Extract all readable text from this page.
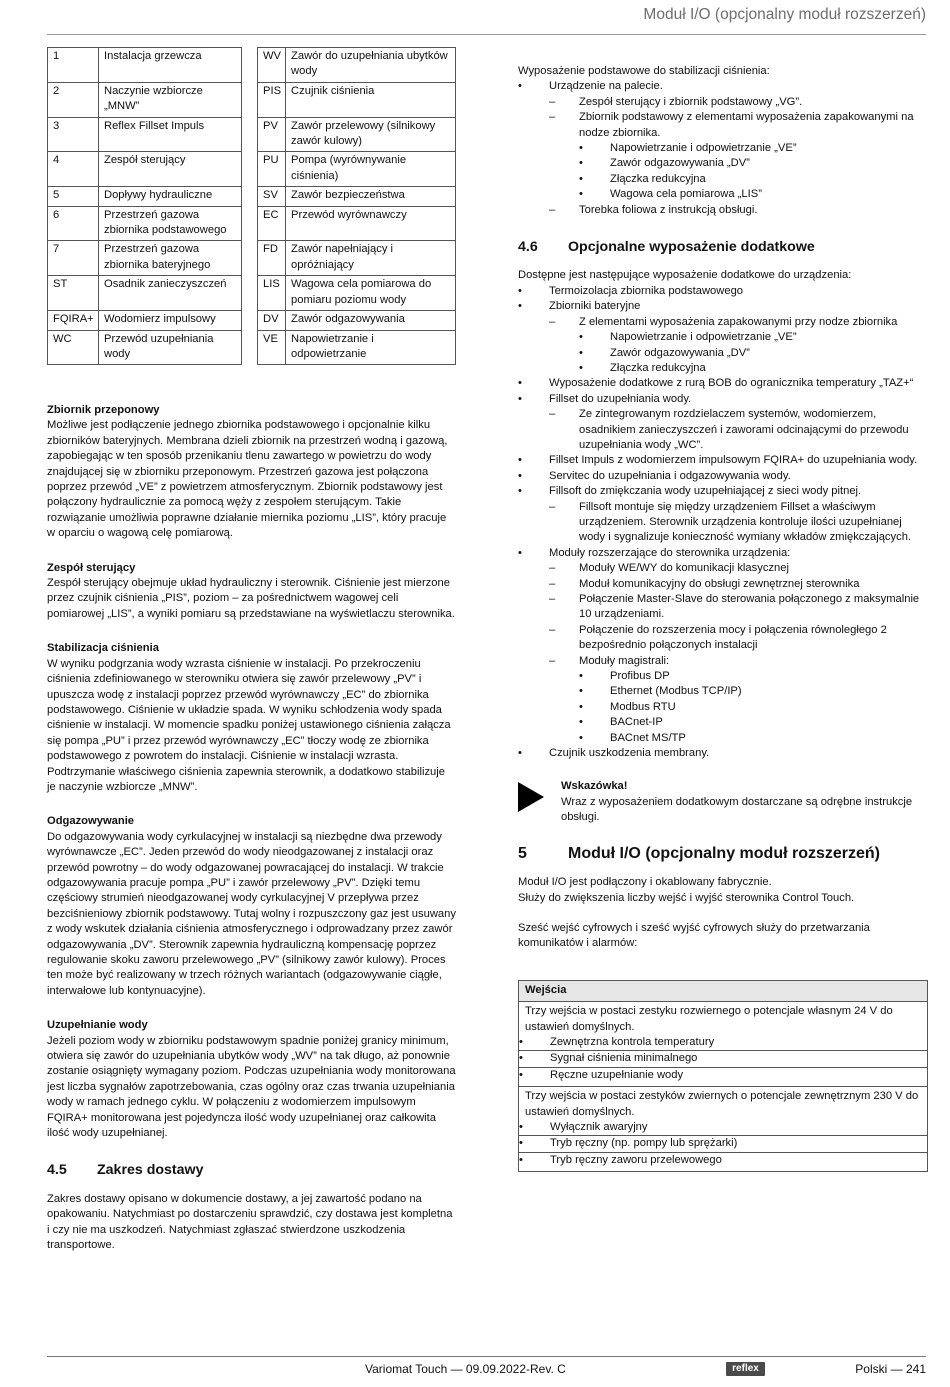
Moduł I/O (opcjonalny moduł rozszerzeń)
1	Instalacja grzewcza
2	Naczynie wzbiorcze „MNW”
3	Reflex Fillset Impuls
4	Zespół sterujący
5	Dopływy hydrauliczne
6	Przestrzeń gazowa zbiornika podstawowego
7	Przestrzeń gazowa zbiornika bateryjnego
ST	Osadnik zanieczyszczeń
FQIRA+	Wodomierz impulsowy
WC	Przewód uzupełniania wody
WV	Zawór do uzupełniania ubytków wody
PIS	Czujnik ciśnienia
PV	Zawór przelewowy (silnikowy zawór kulowy)
PU	Pompa (wyrównywanie ciśnienia)
SV	Zawór bezpieczeństwa
EC	Przewód wyrównawczy
FD	Zawór napełniający i opróżniający
LIS	Wagowa cela pomiarowa do pomiaru poziomu wody
DV	Zawór odgazowywania
VE	Napowietrzanie i odpowietrzanie
Zbiornik przeponowy

Możliwe jest podłączenie jednego zbiornika podstawowego i opcjonalnie kilku zbiorników bateryjnych. Membrana dzieli zbiornik na przestrzeń wodną i gazową, zapobiegając w ten sposób przenikaniu tlenu zawartego w powietrzu do wody znajdującej się w zbiorniku przeponowym. Przestrzeń gazowa jest połączona poprzez przewód „VE” z powietrzem atmosferycznym. Zbiornik podstawowy jest połączony hydraulicznie za pomocą węży z zespołem sterującym. Takie rozwiązanie umożliwia poprawne działanie miernika poziomu „LIS”, który pracuje w oparciu o wagową celę pomiarową.

Zespół sterujący

Zespół sterujący obejmuje układ hydrauliczny i sterownik. Ciśnienie jest mierzone przez czujnik ciśnienia „PIS”, poziom – za pośrednictwem wagowej celi pomiarowej „LIS”, a wyniki pomiaru są przedstawiane na wyświetlaczu sterownika.

Stabilizacja ciśnienia

W wyniku podgrzania wody wzrasta ciśnienie w instalacji. Po przekroczeniu ciśnienia zdefiniowanego w sterowniku otwiera się zawór przelewowy „PV” i upuszcza wodę z instalacji poprzez przewód wyrównawczy „EC” do zbiornika podstawowego. Ciśnienie w układzie spada. W wyniku schłodzenia wody spada ciśnienie w instalacji. W momencie spadku poniżej ustawionego ciśnienia załącza się pompa „PU” i przez przewód wyrównawczy „EC” tłoczy wodę ze zbiornika podstawowego z powrotem do instalacji. Ciśnienie w instalacji wzrasta. Podtrzymanie właściwego ciśnienia zapewnia sterownik, a dodatkowo stabilizuje je naczynie wzbiorcze „MNW”.

Odgazowywanie

Do odgazowywania wody cyrkulacyjnej w instalacji są niezbędne dwa przewody wyrównawcze „EC”. Jeden przewód do wody nieodgazowanej z instalacji oraz przewód powrotny – do wody odgazowanej powracającej do instalacji. W trakcie odgazowywania pracuje pompa „PU” i zawór przelewowy „PV”. Dzięki temu częściowy strumień nieodgazowanej wody cyrkulacyjnej V przepływa przez bezciśnieniowy zbiornik podstawowy. Tutaj wolny i rozpuszczony gaz jest usuwany z wody wskutek działania ciśnienia atmosferycznego i odprowadzany przez zawór odgazowywania „DV”. Sterownik zapewnia hydrauliczną kompensację poprzez regulowanie skoku zaworu przelewowego „PV” (silnikowy zawór kulowy). Proces ten może być realizowany w trzech różnych wariantach (odgazowywanie ciągłe, interwałowe lub kontynuacyjne).

Uzupełnianie wody

Jeżeli poziom wody w zbiorniku podstawowym spadnie poniżej granicy minimum, otwiera się zawór do uzupełniania ubytków wody „WV” na tak długo, aż ponownie zostanie osiągnięty wymagany poziom. Podczas uzupełniania wody monitorowana jest liczba sygnałów zapotrzebowania, czas ogólny oraz czas trwania uzupełniania wody w ramach jednego cyklu. W połączeniu z wodomierzem impulsowym FQIRA+ monitorowana jest pojedyncza ilość wody uzupełnianej oraz całkowita ilość wody uzupełnianej.

4.5	Zakres dostawy

Zakres dostawy opisano w dokumencie dostawy, a jej zawartość podano na opakowaniu. Natychmiast po dostarczeniu sprawdzić, czy dostawa jest kompletna i czy nie ma uszkodzeń. Natychmiast zgłaszać stwierdzone uszkodzenia transportowe.

Wyposażenie podstawowe do stabilizacji ciśnienia:

• Urządzenie na palecie.
– Zespół sterujący i zbiornik podstawowy „VG”.
– Zbiornik podstawowy z elementami wyposażenia zapakowanymi na nodze zbiornika.
• Napowietrzanie i odpowietrzanie „VE”
• Zawór odgazowywania „DV”
• Złączka redukcyjna
• Wagowa cela pomiarowa „LIS”
– Torebka foliowa z instrukcją obsługi.
4.6	Opcjonalne wyposażenie dodatkowe

Dostępne jest następujące wyposażenie dodatkowe do urządzenia:

• Termoizolacja zbiornika podstawowego
• Zbiorniki bateryjne
– Z elementami wyposażenia zapakowanymi przy nodze zbiornika
• Napowietrzanie i odpowietrzanie „VE”
• Zawór odgazowywania „DV”
• Złączka redukcyjna
• Wyposażenie dodatkowe z rurą BOB do ogranicznika temperatury „TAZ+“
• Fillset do uzupełniania wody.
– Ze zintegrowanym rozdzielaczem systemów, wodomierzem, osadnikiem zanieczyszczeń i zaworami odcinającymi do przewodu uzupełniania wody „WC”.
• Fillset Impuls z wodomierzem impulsowym FQIRA+ do uzupełniania wody.
• Servitec do uzupełniania i odgazowywania wody.
• Fillsoft do zmiękczania wody uzupełniającej z sieci wody pitnej.
– Fillsoft montuje się między urządzeniem Fillset a właściwym urządzeniem. Sterownik urządzenia kontroluje ilości uzupełnianej wody i sygnalizuje konieczność wymiany wkładów zmiękczających.
• Moduły rozszerzające do sterownika urządzenia:
– Moduły WE/WY do komunikacji klasycznej
– Moduł komunikacyjny do obsługi zewnętrznej sterownika
– Połączenie Master-Slave do sterowania połączonego z maksymalnie 10 urządzeniami.
– Połączenie do rozszerzenia mocy i połączenia równoległego 2 bezpośrednio połączonych instalacji
– Moduły magistrali:
• Profibus DP
• Ethernet (Modbus TCP/IP)
• Modbus RTU
• BACnet-IP
• BACnet MS/TP
• Czujnik uszkodzenia membrany.
Wskazówka!
Wraz z wyposażeniem dodatkowym dostarczane są odrębne instrukcje obsługi.
5	Moduł I/O (opcjonalny moduł rozszerzeń)

Moduł I/O jest podłączony i okablowany fabrycznie.

Służy do zwiększenia liczby wejść i wyjść sterownika Control Touch.

Sześć wejść cyfrowych i sześć wyjść cyfrowych służy do przetwarzania komunikatów i alarmów:

Wejścia

Trzy wejścia w postaci zestyku rozwiernego o potencjale własnym 24 V do ustawień domyślnych.
• Zewnętrzna kontrola temperatury
• Sygnał ciśnienia minimalnego
• Ręczne uzupełnianie wody

Trzy wejścia w postaci zestyków zwiernych o potencjale zewnętrznym 230 V do ustawień domyślnych.
• Wyłącznik awaryjny
• Tryb ręczny (np. pompy lub sprężarki)
• Tryb ręczny zaworu przelewowego
Variomat Touch — 09.09.2022-Rev. C	reflex	Polski — 241
